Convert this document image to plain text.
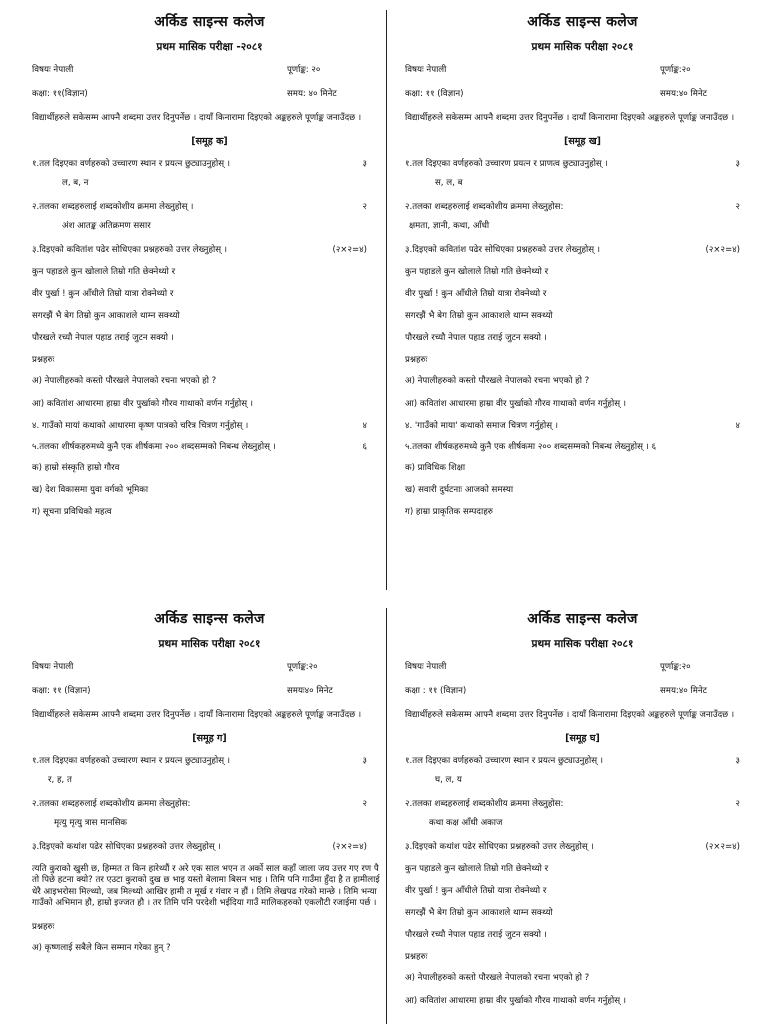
अर्किड साइन्स कलेज
प्रथम मासिक परीक्षा -२०८१
विषयः नेपाली	पूर्णाङ्क: २०
कक्षा: ११(विज्ञान)	समय: ४० मिनेट
विद्यार्थीहरुले सकेसम्म आफ्नै शब्दमा उत्तर दिनुपर्नेछ । दायाँ किनारामा दिइएको अङ्कहरुले पूर्णाङ्क जनाउँदछ ।
[समूह क]
१.तल दिइएका वर्णहरुको उच्चारण स्थान र प्रयत्न छुट्याउनुहोस् ।	३
ल, ब, न
२.तलका शब्दहरुलाई शब्दकोशीय क्रममा लेख्नुहोस् ।	२
अंश आतङ्क अतिक्रमण ससार
३.दिइएको कवितांश पढेर सोधिएका प्रश्नहरुको उत्तर लेख्नुहोस् ।	(२×२=४)
कुन पहाडले कुन खोलाले तिम्रो गति छेक्नेथ्यो र
वीर पुर्खा ! कुन आँधीले तिम्रो यात्रा रोक्नेथ्यो र
सगरझैं भै बेग तिम्रो कुन आकाशले थाम्न सक्थ्यो
पौरखले रच्यौ नेपाल पहाड तराई जुटन सक्यो ।
प्रश्नहरुः
अ) नेपालीहरुको कस्तो पौरखले नेपालको रचना भएको हो ?
आ) कवितांश आधारमा हाम्रा वीर पुर्खाको गौरव गाथाको वर्णन गर्नुहोस् ।
४. गाउँको मायां कथाको आधारमा कृष्ण पात्रको चरित्र चित्रण गर्नुहोस् ।	४
५.तलका शीर्षकहरुमध्ये कुनै एक शीर्षकमा २०० शब्दसम्मको निबन्ध लेख्नुहोस् ।	६
क) हाम्रो संस्कृति हाम्रो गौरव
ख) देश विकासमा युवा वर्गको भूमिका
ग) सूचना प्रविधिको महत्व
अर्किड साइन्स कलेज
प्रथम मासिक परीक्षा २०८१
विषयः नेपाली	पूर्णाङ्क:२०
कक्षा: ११ (विज्ञान)	समय:४० मिनेट
विद्यार्थीहरुले सकेसम्म आफ्नै शब्दमा उत्तर दिनुपर्नेछ । दायाँ किनारामा दिइएको अङ्कहरुले पूर्णाङ्क जनाउँदछ ।
[समूह ख]
१.तल दिइएका वर्णहरुको उच्चारण प्रयत्न र प्राणत्व छुट्याउनुहोस् ।	३
स, ल, ब
२.तलका शब्दहरुलाई शब्दकोशीय क्रममा लेख्नुहोस:	२
क्षमता, ज्ञानी, कथा, आँधी
३.दिइएको कवितांश पढेर सोधिएका प्रश्नहरुको उत्तर लेख्नुहोस् ।	(२×२=४)
कुन पहाडले कुन खोलाले तिम्रो गति छेक्नेथ्यो र
वीर पुर्खा ! कुन आँधीले तिम्रो यात्रा रोक्नेथ्यो र
सगरझैं भै बेग तिम्रो कुन आकाशले थाम्न सक्थ्यो
पौरखले रच्यौ नेपाल पहाड तराई जुटन सक्यो ।
प्रश्नहरुः
अ) नेपालीहरुको कस्तो पौरखले नेपालको रचना भएको हो ?
आ) कवितांश आधारमा हाम्रा वीर पुर्खाको गौरव गाथाको वर्णन गर्नुहोस् ।
४. 'गाउँको माया' कथाको समाज चित्रण गर्नुहोस् ।	४
५.तलका शीर्षकहरुमध्ये कुनै एक शीर्षकमा २०० शब्दसम्मको निबन्ध लेख्नुहोस् । ६
क) प्राविधिक शिक्षा
ख) सवारी दुर्घटनाः आजको समस्या
ग) हाम्रा प्राकृतिक सम्पदाहरु
अर्किड साइन्स कलेज
प्रथम मासिक परीक्षा २०८१
विषयः नेपाली	पूर्णाङ्क:२०
कक्षा: ११ (विज्ञान)	समयः४० मिनेट
विद्यार्थीहरुले सकेसम्म आफ्नै शब्दमा उत्तर दिनुपर्नेछ । दायाँ किनारामा दिइएको अङ्कहरुले पूर्णाङ्क जनाउँदछ ।
[समूह ग]
१.तल दिइएका वर्णहरुको उच्चारण स्थान र प्रयत्न छुट्याउनुहोस् ।	३
र, ह, त
२.तलका शब्दहरुलाई शब्दकोशीय क्रममा लेख्नुहोस:	२
मृत्यु मृत्यु त्रास मानसिक
३.दिइएको कथांश पढेर सोधिएका प्रश्नहरुको उत्तर लेख्नुहोस् ।	(२×२=४)
त्यति कुराको खुसी छ, हिम्मत त किन हारेथ्यौं र अरे एक साल भएन त अर्को साल कहाँ जाला जय उत्तर गए रण पै तो पिछे हटना क्यो? तर एउटा कुराको दुख छ भाइ यस्तो बेलामा बिसन भाइ । तिमि पनि गाउँमा हुँदा है त हामीलाई धेरै आइभरोसा मिल्थ्यो, जब मिल्थ्यो आखिर हामी त मूर्ख र गंवार न हौं । तिमि लेखपढ गरेको मान्छे । तिमि भन्या गाउँको अभिमान हौ, हाम्रो इज्जत हौ । तर तिमि पनि परदेशी भईदिया गाउँ मालिकहरुको एकलौटी रजाईमा पर्छ ।
प्रश्नहरुः
अ) कृष्णलाई सबैले किन सम्मान गरेका हुन् ?
अर्किड साइन्स कलेज
प्रथम मासिक परीक्षा २०८१
विषयः नेपाली	पूर्णाङ्क:२०
कक्षा : ११ (विज्ञान)	समय:४० मिनेट
विद्यार्थीहरुले सकेसम्म आफ्नै शब्दमा उत्तर दिनुपर्नेछ । दायाँ किनारामा दिइएको अङ्कहरुले पूर्णाङ्क जनाउँदछ ।
[समूह घ]
१.तल दिइएका वर्णहरुको उच्चारण स्थान र प्रयत्न छुट्याउनुहोस् ।	३
घ, ल, य
२.तलका शब्दहरुलाई शब्दकोशीय क्रममा लेख्नुहोस:	२
कथा कक्ष आँधी अकाज
३.दिइएको कथांश पढेर सोधिएका प्रश्नहरुको उत्तर लेख्नुहोस् ।	(२×२=४)
कुन पहाडले कुन खोलाले तिम्रो गति छेक्नेथ्यो र
वीर पुर्खा ! कुन आँधीले तिम्रो यात्रा रोक्नेथ्यो र
सगरझैं भै बेग तिम्रो कुन आकाशले थाम्न सक्थ्यो
पौरखले रच्यौ नेपाल पहाड तराई जुटन सक्यो ।
प्रश्नहरुः
अ) नेपालीहरुको कस्तो पौरखले नेपालको रचना भएको हो ?
आ) कवितांश आधारमा हाम्रा वीर पुर्खाको गौरव गाथाको वर्णन गर्नुहोस् ।
